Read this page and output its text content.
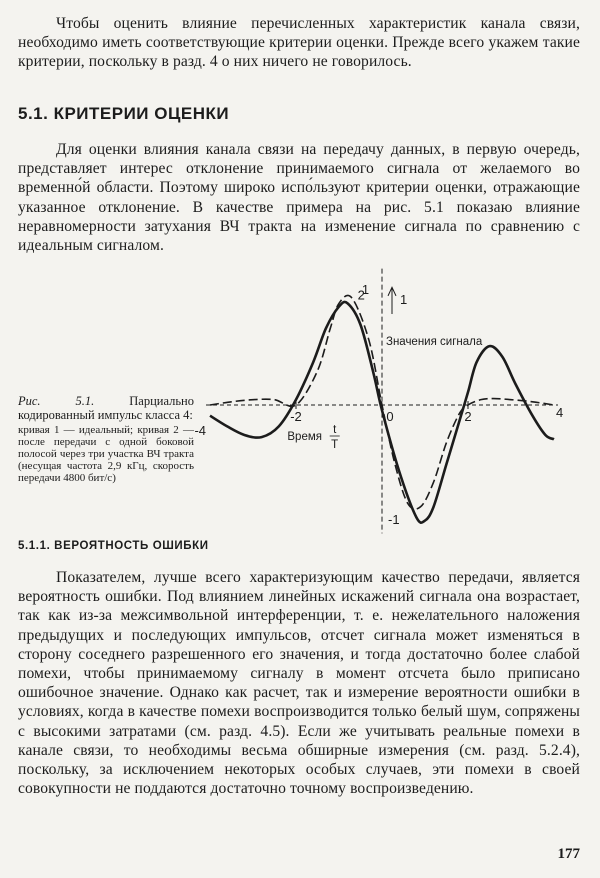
Чтобы оценить влияние перечисленных характеристик канала связи, необходимо иметь соответствующие критерии оценки. Прежде всего укажем такие критерии, поскольку в разд. 4 о них ничего не говорилось.

5.1. КРИТЕРИИ ОЦЕНКИ

Для оценки влияния канала связи на передачу данных, в первую очередь, представляет интерес отклонение принимаемого сигнала от желаемого во временно́й области. Поэтому широко испо́льзуют критерии оценки, отражающие указанное отклонение. В качестве примера на рис. 5.1 показаю влияние неравномерности затухания ВЧ тракта на изменение сигнала по сравнению с идеальным сигналом.

Рис. 5.1.	Парциально кодированный импульс класса 4:
кривая 1 — идеальный; кривая 2 — после передачи с одной боковой полосой через три участка ВЧ тракта (несущая частота 2,9 кГц, скорость передачи 4800 бит/с)
-4
-2	0	2	4
1
-1
Значения сигнала
Время
t
T
1
2
5.1.1. ВЕРОЯТНОСТЬ ОШИБКИ

Показателем, лучше всего характеризующим качество передачи, является вероятность ошибки. Под влиянием линейных искажений сигнала она возрастает, так как из-за межсимвольной интерференции, т. е. нежелательного наложения предыдущих и последующих импульсов, отсчет сигнала может изменяться в сторону соседнего разрешенного его значения, и тогда достаточно более слабой помехи, чтобы принимаемому сигналу в момент отсчета было приписано ошибочное значение. Однако как расчет, так и измерение вероятности ошибки в условиях, когда в качестве помехи воспроизводится только белый шум, сопряжены с высокими затратами (см. разд. 4.5). Если же учитывать реальные помехи в канале связи, то необходимы весьма обширные измерения (см. разд. 5.2.4), поскольку, за исключением некоторых особых случаев, эти помехи в своей совокупности не поддаются достаточно точному воспроизведению.

177
